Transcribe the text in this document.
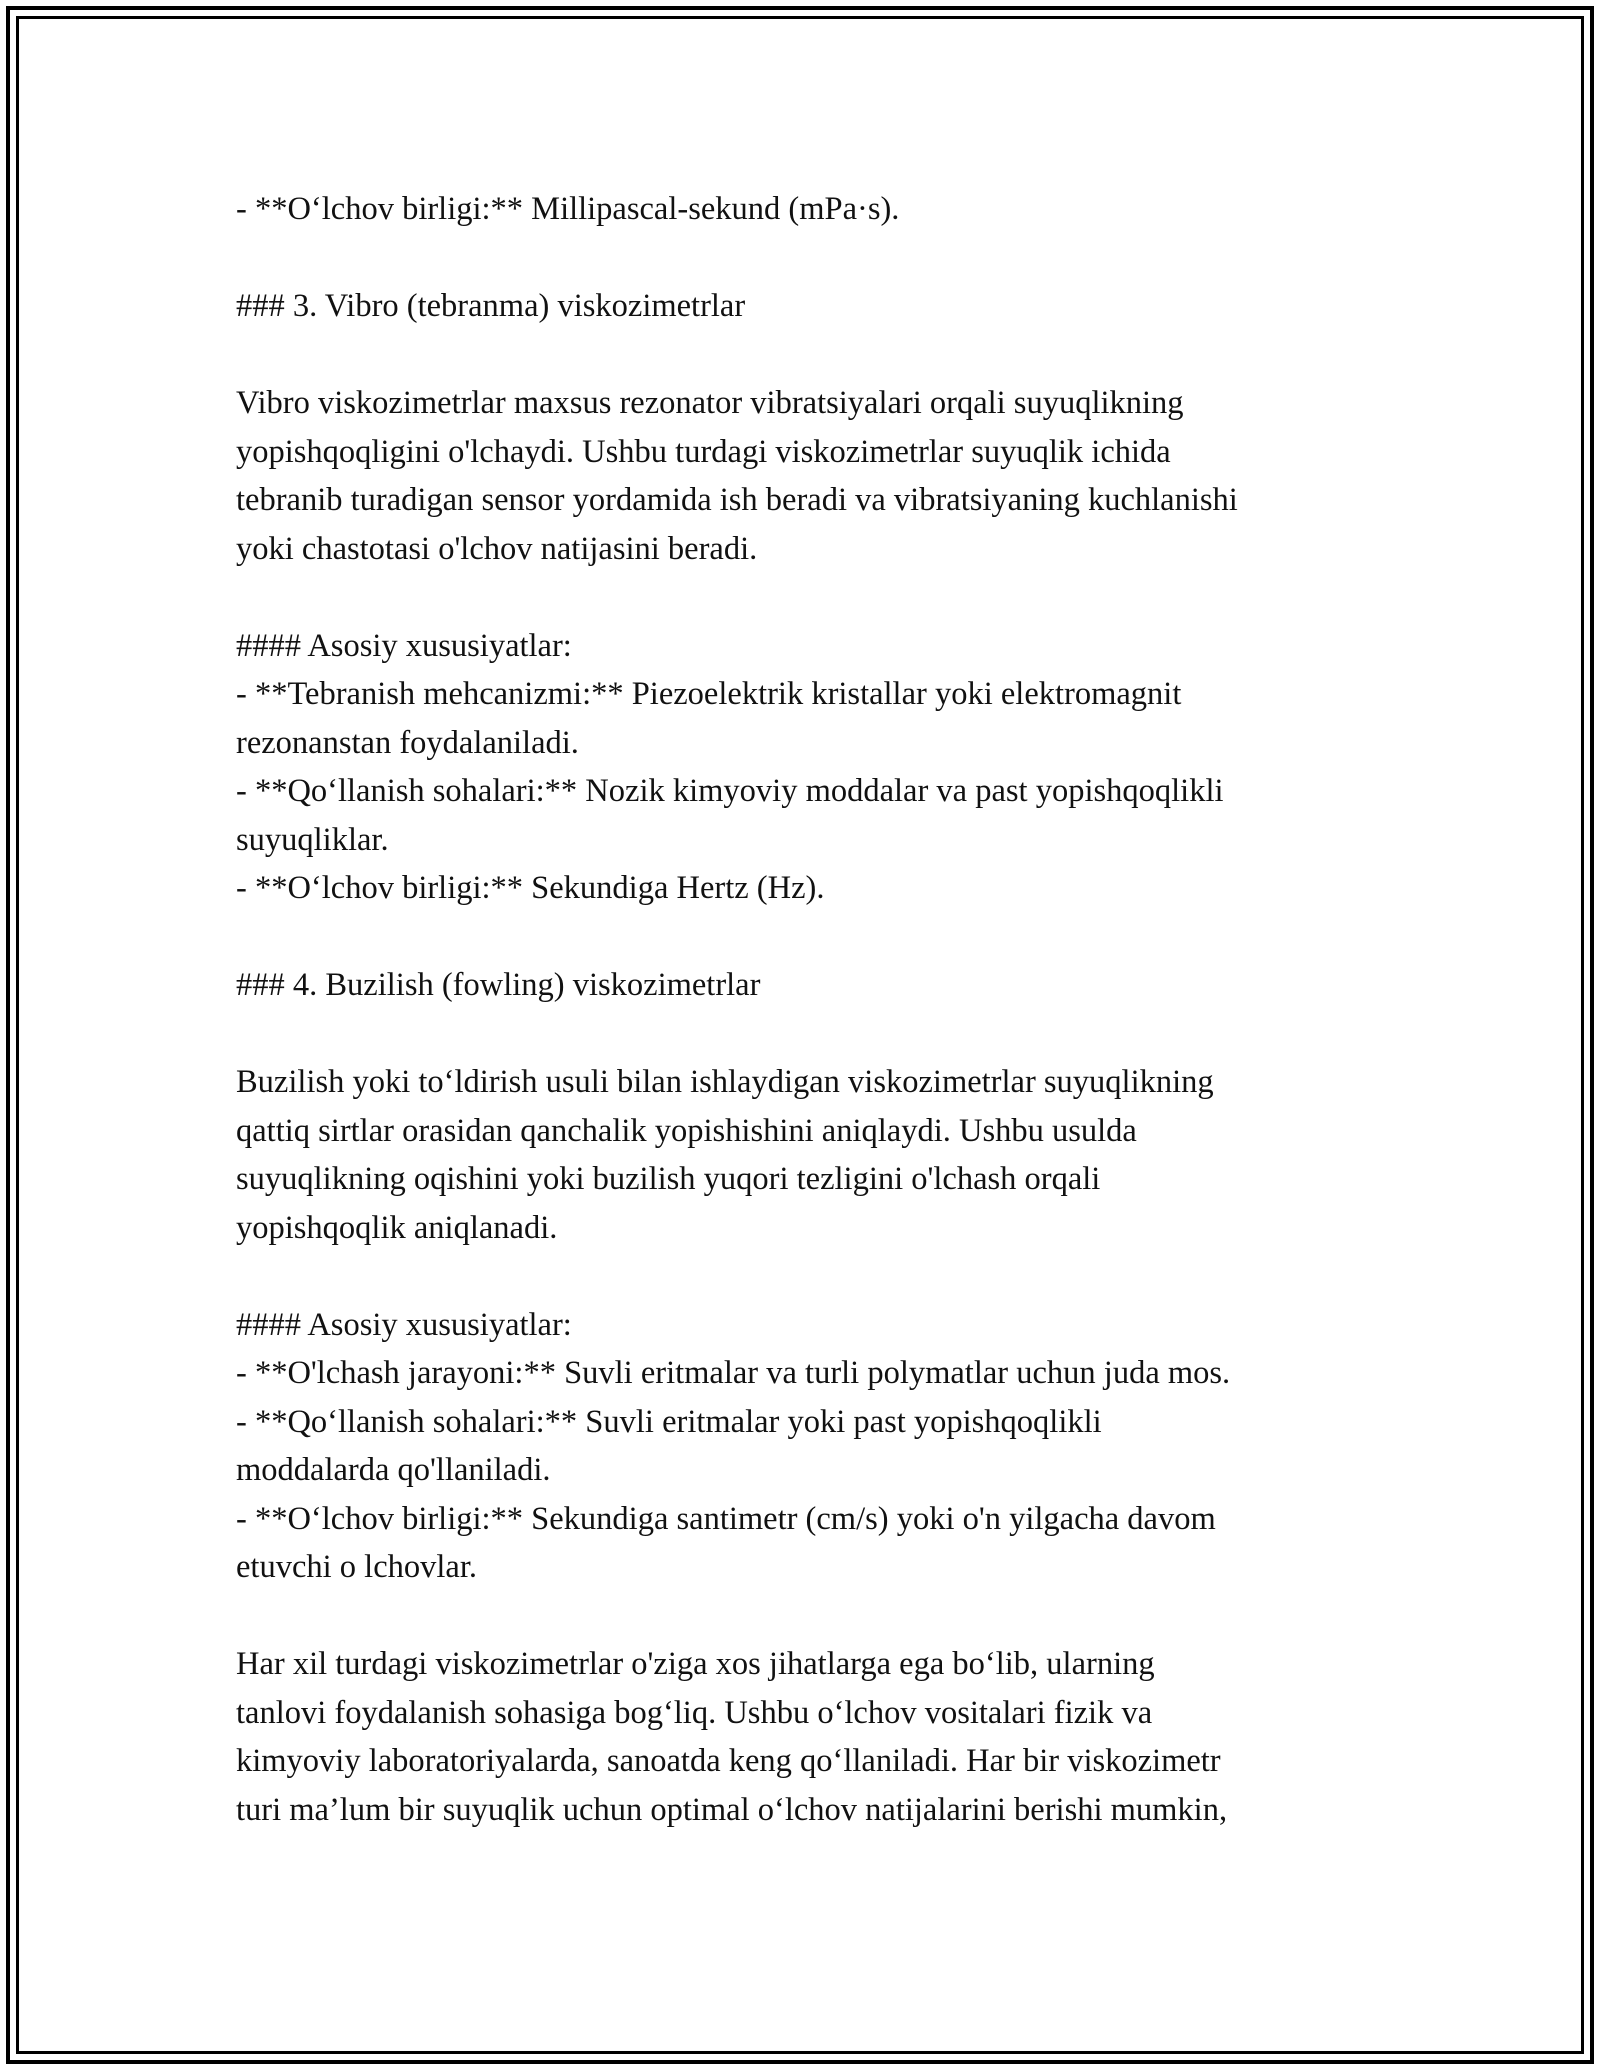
- **O‘lchov birligi:** Millipascal-sekund (mPa·s).

### 3. Vibro (tebranma) viskozimetrlar

Vibro viskozimetrlar maxsus rezonator vibratsiyalari orqali suyuqlikning
yopishqoqligini o'lchaydi. Ushbu turdagi viskozimetrlar suyuqlik ichida
tebranib turadigan sensor yordamida ish beradi va vibratsiyaning kuchlanishi
yoki chastotasi o'lchov natijasini beradi.

#### Asosiy xususiyatlar:
- **Tebranish mehcanizmi:** Piezoelektrik kristallar yoki elektromagnit
rezonanstan foydalaniladi.
- **Qo‘llanish sohalari:** Nozik kimyoviy moddalar va past yopishqoqlikli
suyuqliklar.
- **O‘lchov birligi:** Sekundiga Hertz (Hz).

### 4. Buzilish (fowling) viskozimetrlar

Buzilish yoki to‘ldirish usuli bilan ishlaydigan viskozimetrlar suyuqlikning
qattiq sirtlar orasidan qanchalik yopishishini aniqlaydi. Ushbu usulda
suyuqlikning oqishini yoki buzilish yuqori tezligini o'lchash orqali
yopishqoqlik aniqlanadi.

#### Asosiy xususiyatlar:
- **O'lchash jarayoni:** Suvli eritmalar va turli polymatlar uchun juda mos.
- **Qo‘llanish sohalari:** Suvli eritmalar yoki past yopishqoqlikli
moddalarda qo'llaniladi.
- **O‘lchov birligi:** Sekundiga santimetr (cm/s) yoki o'n yilgacha davom
etuvchi o lchovlar.

Har xil turdagi viskozimetrlar o'ziga xos jihatlarga ega bo‘lib, ularning
tanlovi foydalanish sohasiga bog‘liq. Ushbu o‘lchov vositalari fizik va
kimyoviy laboratoriyalarda, sanoatda keng qo‘llaniladi. Har bir viskozimetr
turi ma’lum bir suyuqlik uchun optimal o‘lchov natijalarini berishi mumkin,
